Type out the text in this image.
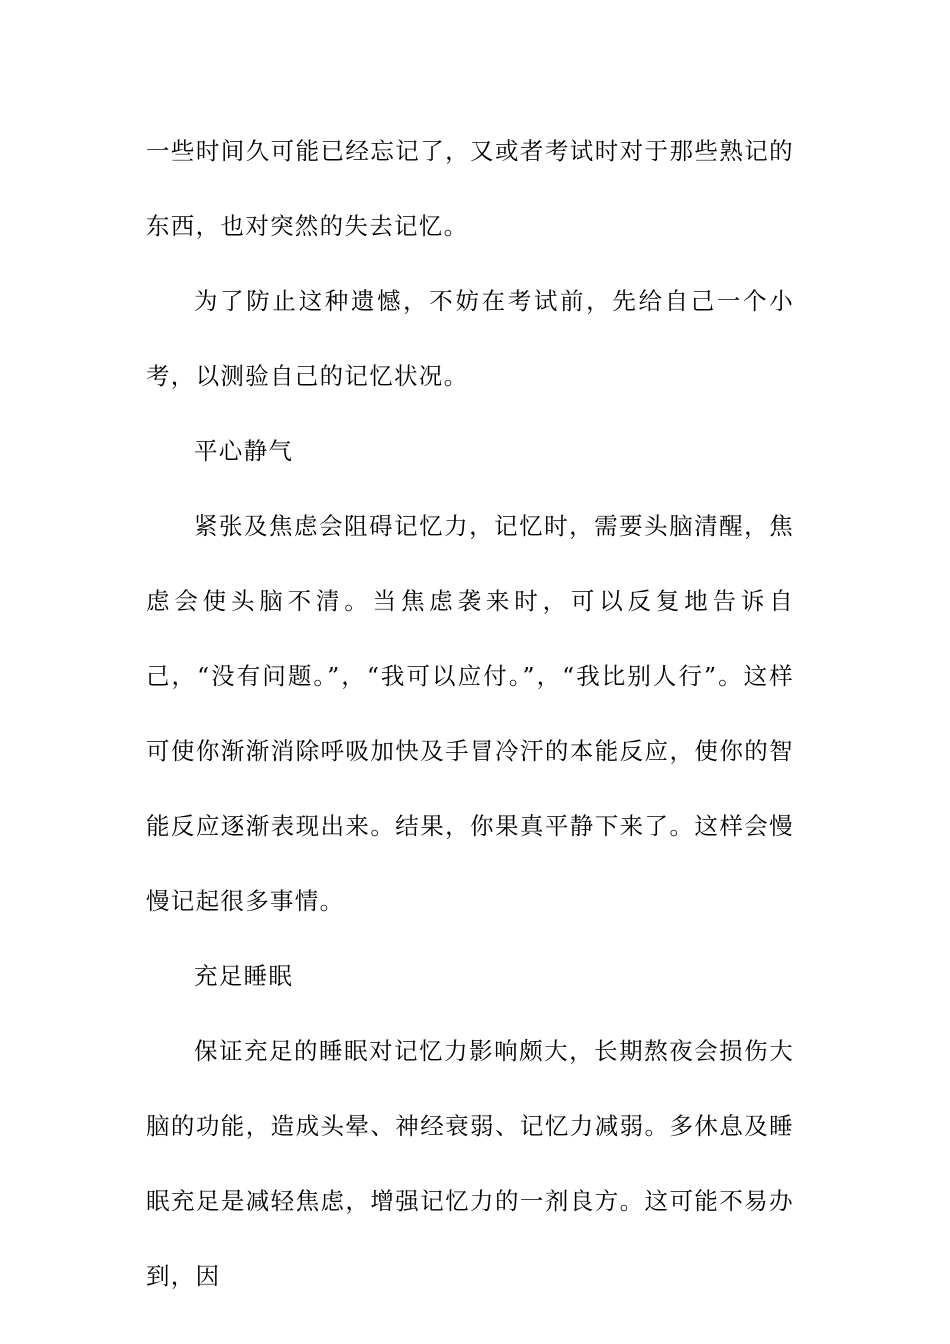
一些时间久可能已经忘记了，又或者考试时对于那些熟记的东西，也对突然的失去记忆。

为了防止这种遗憾，不妨在考试前，先给自己一个小考，以测验自己的记忆状况。

平心静气

紧张及焦虑会阻碍记忆力，记忆时，需要头脑清醒，焦虑会使头脑不清。当焦虑袭来时，可以反复地告诉自己，“没有问题。”，“我可以应付。”，“我比别人行”。这样可使你渐渐消除呼吸加快及手冒冷汗的本能反应，使你的智能反应逐渐表现出来。结果，你果真平静下来了。这样会慢慢记起很多事情。

充足睡眠

保证充足的睡眠对记忆力影响颇大，长期熬夜会损伤大脑的功能，造成头晕、神经衰弱、记忆力减弱。多休息及睡眠充足是减轻焦虑，增强记忆力的一剂良方。这可能不易办到，因
